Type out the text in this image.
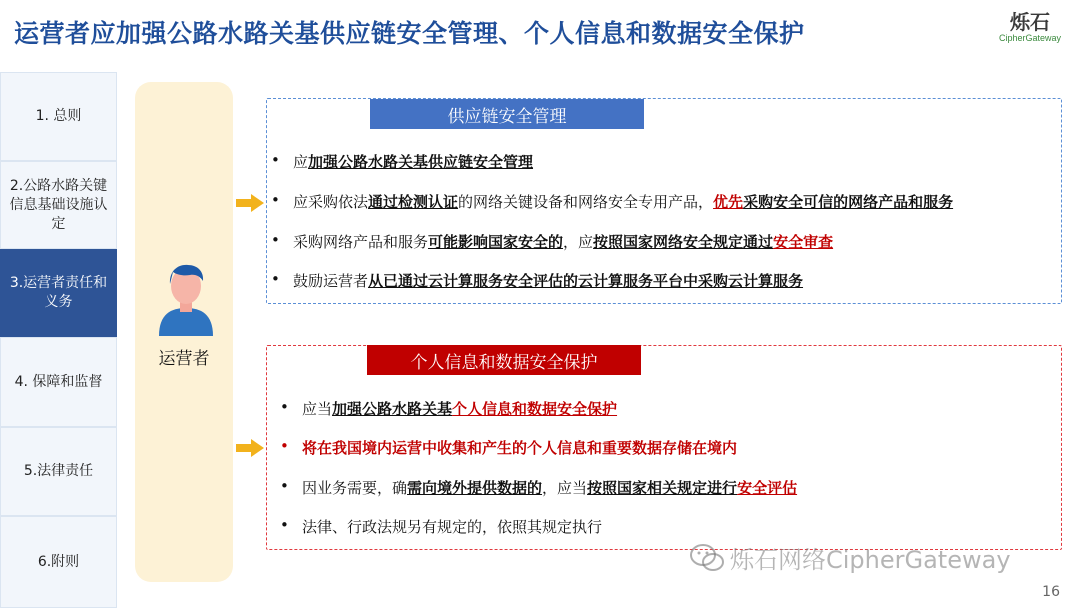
运营者应加强公路水路关基供应链安全管理、个人信息和数据安全保护	烁石
CipherGateway
1. 总则
2.公路水路关键信息基础设施认定
3.运营者责任和义务
4. 保障和监督
5.法律责任
6.附则
运营者
供应链安全管理
• 应加强公路水路关基供应链安全管理
• 应采购依法通过检测认证的网络关键设备和网络安全专用产品，优先采购安全可信的网络产品和服务
• 采购网络产品和服务可能影响国家安全的，应按照国家网络安全规定通过安全审查
• 鼓励运营者从已通过云计算服务安全评估的云计算服务平台中采购云计算服务
个人信息和数据安全保护
• 应当加强公路水路关基个人信息和数据安全保护
• 将在我国境内运营中收集和产生的个人信息和重要数据存储在境内
• 因业务需要，确需向境外提供数据的，应当按照国家相关规定进行安全评估
• 法律、行政法规另有规定的，依照其规定执行
烁石网络CipherGateway
16
